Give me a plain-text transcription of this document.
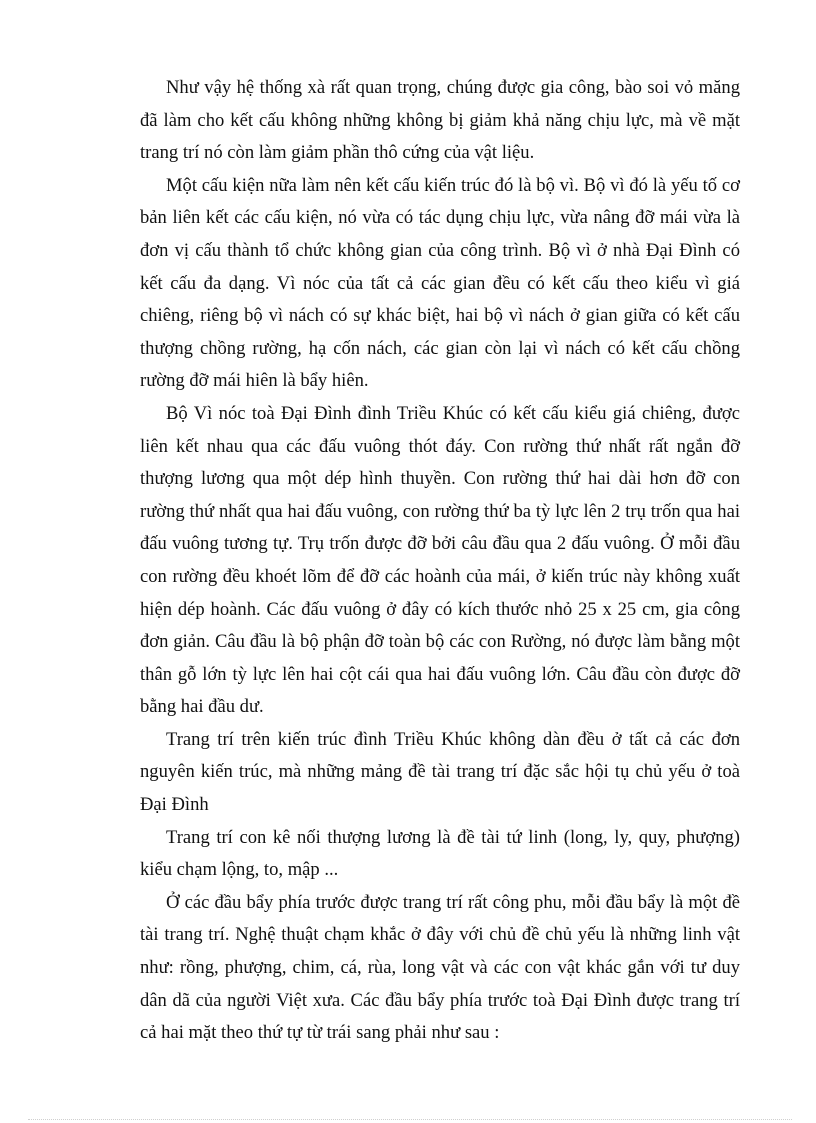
Như vậy hệ thống xà rất quan trọng, chúng được gia công, bào soi vỏ măng đã làm cho kết cấu không những không bị giảm khả năng chịu lực, mà về mặt trang trí nó còn làm giảm phần thô cứng của vật liệu.

Một cấu kiện nữa làm nên kết cấu kiến trúc đó là bộ vì. Bộ vì đó là yếu tố cơ bản liên kết các cấu kiện, nó vừa có tác dụng chịu lực, vừa nâng đỡ mái vừa là đơn vị cấu thành tổ chức không gian của công trình. Bộ vì ở nhà Đại Đình có kết cấu đa dạng. Vì nóc của tất cả các gian đều có kết cấu theo kiểu vì giá chiêng, riêng bộ vì nách có sự khác biệt, hai bộ vì nách ở gian giữa có kết cấu thượng chồng rường, hạ cốn nách, các gian còn lại vì nách có kết cấu chồng rường đỡ mái hiên là bẩy hiên.

Bộ Vì nóc toà Đại Đình đình Triều Khúc có kết cấu kiểu giá chiêng, được liên kết nhau qua các đấu vuông thót đáy. Con rường thứ nhất rất ngắn đỡ thượng lương qua một dép hình thuyền. Con rường thứ hai dài hơn đỡ con rường thứ nhất qua hai đấu vuông, con rường thứ ba tỳ lực lên 2 trụ trốn qua hai đấu vuông tương tự. Trụ trốn được đỡ bởi câu đầu qua 2 đấu vuông. Ở mỗi đầu con rường đều khoét lõm để đỡ các hoành của mái, ở kiến trúc này không xuất hiện dép hoành. Các đấu vuông ở đây có kích thước nhỏ 25 x 25 cm, gia công đơn giản. Câu đầu là bộ phận đỡ toàn bộ các con Rường, nó được làm bằng một thân gỗ lớn tỳ lực lên hai cột cái qua hai đấu vuông lớn. Câu đầu còn được đỡ bằng hai đầu dư.

Trang trí trên kiến trúc đình Triều Khúc không dàn đều ở tất cả các đơn nguyên kiến trúc, mà những mảng đề tài trang trí đặc sắc hội tụ chủ yếu ở toà Đại Đình

Trang trí con kê nối thượng lương là đề tài tứ linh (long, ly, quy, phượng) kiểu chạm lộng, to, mập ...

Ở các đầu bẩy phía trước được trang trí rất công phu, mỗi đầu bẩy là một đề tài trang trí. Nghệ thuật chạm khắc ở đây với chủ đề chủ yếu là những linh vật như: rồng, phượng, chim, cá, rùa, long vật và các con vật khác gắn với tư duy dân dã của người Việt xưa. Các đầu bẩy phía trước toà Đại Đình được trang trí cả hai mặt theo thứ tự từ trái sang phải như sau :
